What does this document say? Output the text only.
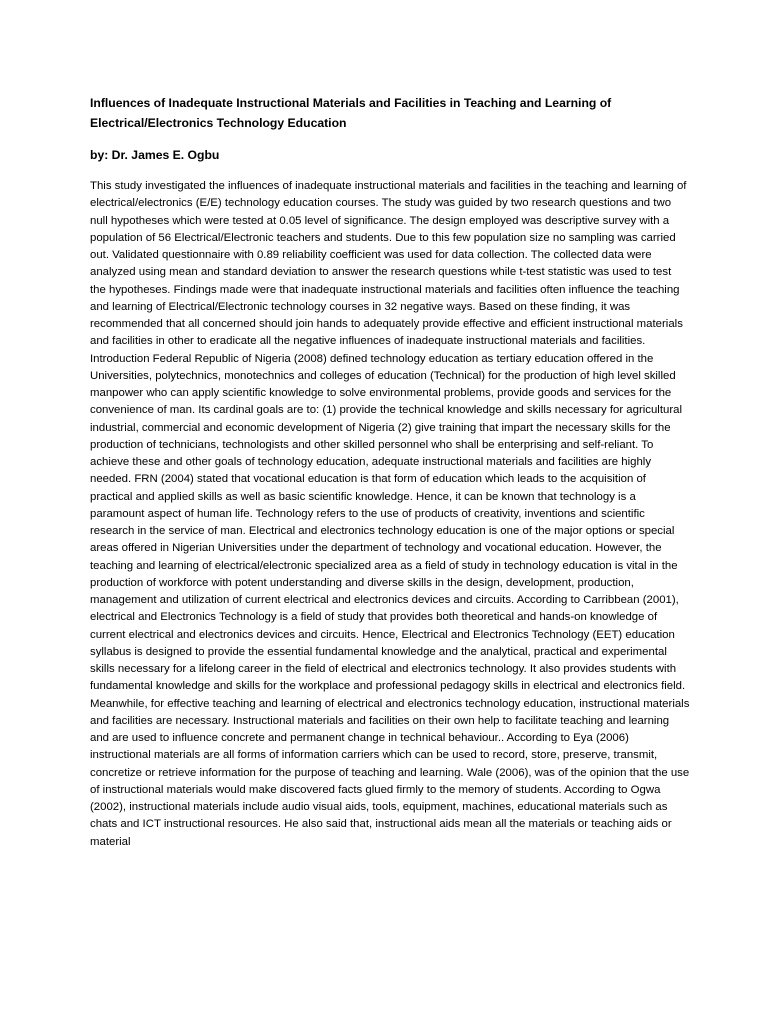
Influences of Inadequate Instructional Materials and Facilities in Teaching and Learning of Electrical/Electronics Technology Education

by: Dr. James E. Ogbu

This study investigated the influences of inadequate instructional materials and facilities in the teaching and learning of electrical/electronics (E/E) technology education courses. The study was guided by two research questions and two null hypotheses which were tested at 0.05 level of significance. The design employed was descriptive survey with a population of 56 Electrical/Electronic teachers and students. Due to this few population size no sampling was carried out. Validated questionnaire with 0.89 reliability coefficient was used for data collection. The collected data were analyzed using mean and standard deviation to answer the research questions while t-test statistic was used to test the hypotheses. Findings made were that inadequate instructional materials and facilities often influence the teaching and learning of Electrical/Electronic technology courses in 32 negative ways. Based on these finding, it was recommended that all concerned should join hands to adequately provide effective and efficient instructional materials and facilities in other to eradicate all the negative influences of inadequate instructional materials and facilities. Introduction Federal Republic of Nigeria (2008) defined technology education as tertiary education offered in the Universities, polytechnics, monotechnics and colleges of education (Technical) for the production of high level skilled manpower who can apply scientific knowledge to solve environmental problems, provide goods and services for the convenience of man. Its cardinal goals are to: (1) provide the technical knowledge and skills necessary for agricultural industrial, commercial and economic development of Nigeria (2) give training that impart the necessary skills for the production of technicians, technologists and other skilled personnel who shall be enterprising and self-reliant. To achieve these and other goals of technology education, adequate instructional materials and facilities are highly needed. FRN (2004) stated that vocational education is that form of education which leads to the acquisition of practical and applied skills as well as basic scientific knowledge. Hence, it can be known that technology is a paramount aspect of human life. Technology refers to the use of products of creativity, inventions and scientific research in the service of man. Electrical and electronics technology education is one of the major options or special areas offered in Nigerian Universities under the department of technology and vocational education. However, the teaching and learning of electrical/electronic specialized area as a field of study in technology education is vital in the production of workforce with potent understanding and diverse skills in the design, development, production, management and utilization of current electrical and electronics devices and circuits. According to Carribbean (2001), electrical and Electronics Technology is a field of study that provides both theoretical and hands-on knowledge of current electrical and electronics devices and circuits. Hence, Electrical and Electronics Technology (EET) education syllabus is designed to provide the essential fundamental knowledge and the analytical, practical and experimental skills necessary for a lifelong career in the field of electrical and electronics technology. It also provides students with fundamental knowledge and skills for the workplace and professional pedagogy skills in electrical and electronics field. Meanwhile, for effective teaching and learning of electrical and electronics technology education, instructional materials and facilities are necessary. Instructional materials and facilities on their own help to facilitate teaching and learning and are used to influence concrete and permanent change in technical behaviour.. According to Eya (2006) instructional materials are all forms of information carriers which can be used to record, store, preserve, transmit, concretize or retrieve information for the purpose of teaching and learning. Wale (2006), was of the opinion that the use of instructional materials would make discovered facts glued firmly to the memory of students. According to Ogwa (2002), instructional materials include audio visual aids, tools, equipment, machines, educational materials such as chats and ICT instructional resources. He also said that, instructional aids mean all the materials or teaching aids or material
